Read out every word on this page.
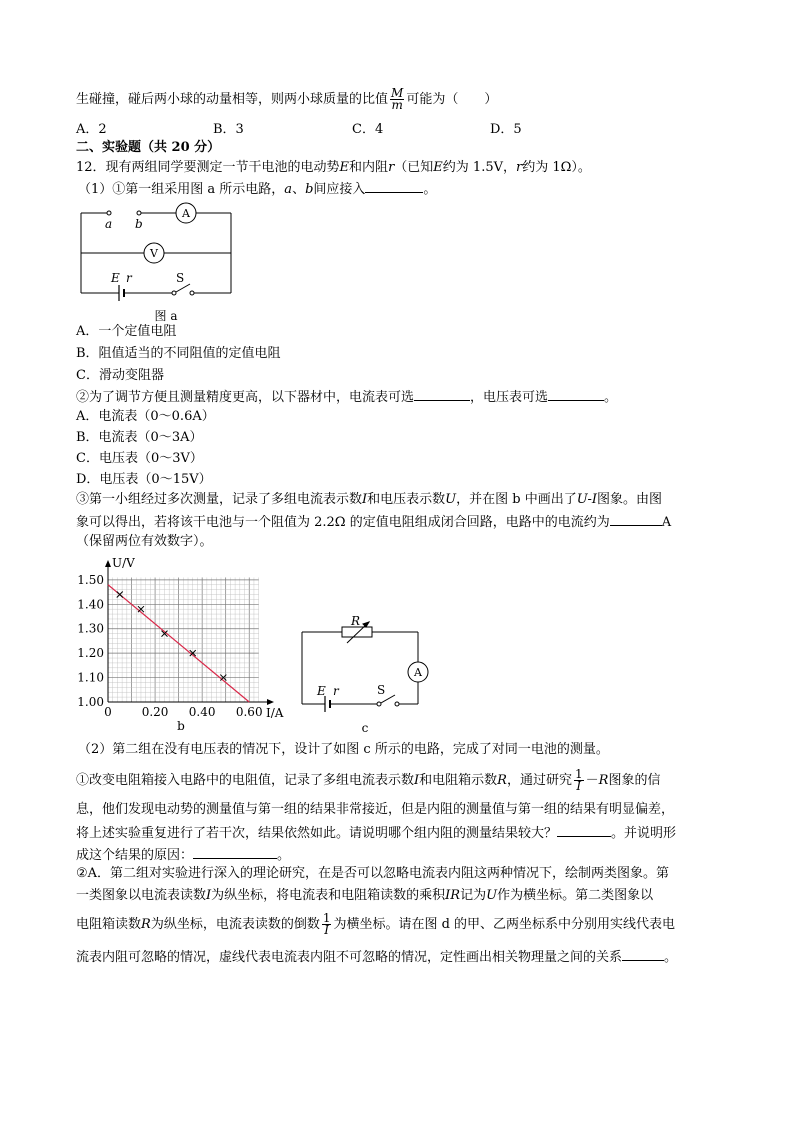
生碰撞，碰后两小球的动量相等，则两小球质量的比值 $\frac{M}{m}$ 可能为（　　）
A．2	B．3	C．4	D．5
二、实验题（共 20 分）
12．现有两组同学要测定一节干电池的电动势E和内阻r（已知E约为 1.5V，r约为 1Ω）。
（1）①第一组采用图 a 所示电路，a、b间应接入	。
a b
A
V
E r	S
图 a
A．一个定值电阻
B．阻值适当的不同阻值的定值电阻
C．滑动变阻器
②为了调节方便且测量精度更高，以下器材中，电流表可选	，电压表可选	。
A．电流表（0～0.6A）
B．电流表（0～3A）
C．电压表（0～3V）
D．电压表（0～15V）
③第一小组经过多次测量，记录了多组电流表示数I和电压表示数U，并在图 b 中画出了U-I图象。由图
象可以得出，若将该干电池与一个阻值为 2.2Ω 的定值电阻组成闭合回路，电路中的电流约为	A
（保留两位有效数字）。
0 0.20 0.40 0.60
1.00
1.10
1.20
1.30
1.40
1.50
U/V
I/A
b
R
A
E r	S
c
（2）第二组在没有电压表的情况下，设计了如图 c 所示的电路，完成了对同一电池的测量。
①改变电阻箱接入电路中的电阻值，记录了多组电流表示数I和电阻箱示数R，通过研究 $\frac{1}{I} -R$图象的信
息，他们发现电动势的测量值与第一组的结果非常接近，但是内阻的测量值与第一组的结果有明显偏差，
将上述实验重复进行了若干次，结果依然如此。请说明哪个组内阻的测量结果较大？	。并说明形
成这个结果的原因：	。
②A．第二组对实验进行深入的理论研究，在是否可以忽略电流表内阻这两种情况下，绘制两类图象。第
一类图象以电流表读数I为纵坐标，将电流表和电阻箱读数的乘积IR记为U作为横坐标。第二类图象以
电阻箱读数R为纵坐标，电流表读数的倒数 $\frac{1}{I}$ 为横坐标。请在图 d 的甲、乙两坐标系中分别用实线代表电
流表内阻可忽略的情况，虚线代表电流表内阻不可忽略的情况，定性画出相关物理量之间的关系	。
